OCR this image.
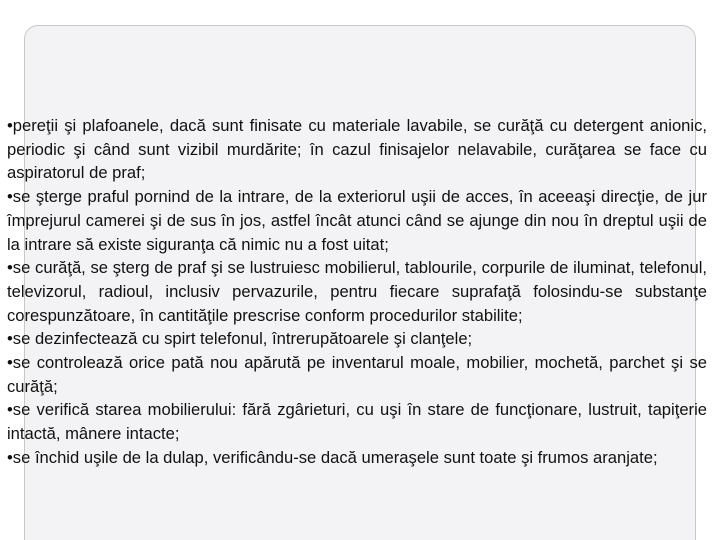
•pereţii şi plafoanele, dacă sunt finisate cu materiale lavabile, se curăţă cu detergent anionic, periodic şi când sunt vizibil murdărite; în cazul finisajelor nelavabile, curăţarea se face cu aspiratorul de praf;

•se şterge praful pornind de la intrare, de la exteriorul uşii de acces, în aceeaşi direcţie, de jur împrejurul camerei şi de sus în jos, astfel încât atunci când se ajunge din nou în dreptul uşii de la intrare să existe siguranţa că nimic nu a fost uitat;

•se curăţă, se şterg de praf şi se lustruiesc mobilierul, tablourile, corpurile de iluminat, telefonul, televizorul, radioul, inclusiv pervazurile, pentru fiecare suprafaţă folosindu-se substanţe corespunzătoare, în cantităţile prescrise conform procedurilor stabilite;

•se dezinfectează cu spirt telefonul, întrerupătoarele şi clanţele;

•se controlează orice pată nou apărută pe inventarul moale, mobilier, mochetă, parchet şi se curăţă;

•se verifică starea mobilierului: fără zgârieturi, cu uşi în stare de funcţionare, lustruit, tapiţerie intactă, mânere intacte;

•se închid uşile de la dulap, verificându-se dacă umeraşele sunt toate şi frumos aranjate;
